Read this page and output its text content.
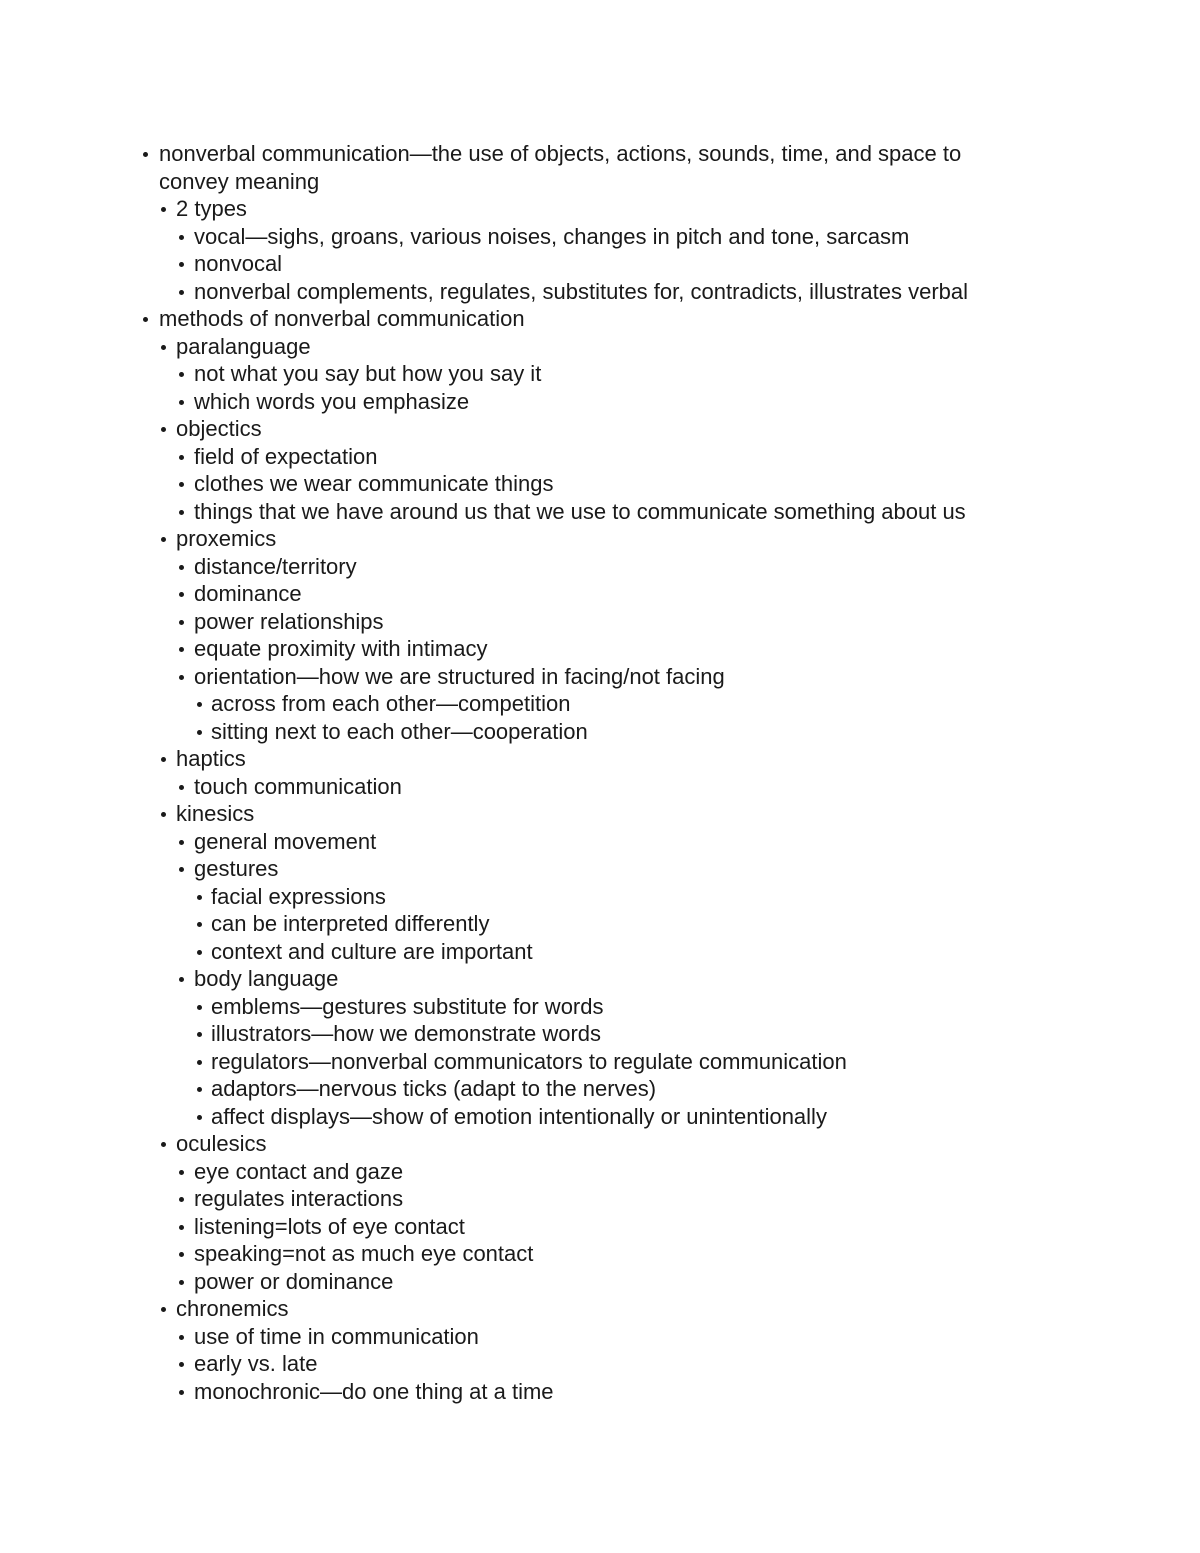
nonverbal communication—the use of objects, actions, sounds, time, and space to
convey meaning
2 types
vocal—sighs, groans, various noises, changes in pitch and tone, sarcasm
nonvocal
nonverbal complements, regulates, substitutes for, contradicts, illustrates verbal
methods of nonverbal communication
paralanguage
not what you say but how you say it
which words you emphasize
objectics
field of expectation
clothes we wear communicate things
things that we have around us that we use to communicate something about us
proxemics
distance/territory
dominance
power relationships
equate proximity with intimacy
orientation—how we are structured in facing/not facing
across from each other—competition
sitting next to each other—cooperation
haptics
touch communication
kinesics
general movement
gestures
facial expressions
can be interpreted differently
context and culture are important
body language
emblems—gestures substitute for words
illustrators—how we demonstrate words
regulators—nonverbal communicators to regulate communication
adaptors—nervous ticks (adapt to the nerves)
affect displays—show of emotion intentionally or unintentionally
oculesics
eye contact and gaze
regulates interactions
listening=lots of eye contact
speaking=not as much eye contact
power or dominance
chronemics
use of time in communication
early vs. late
monochronic—do one thing at a time
